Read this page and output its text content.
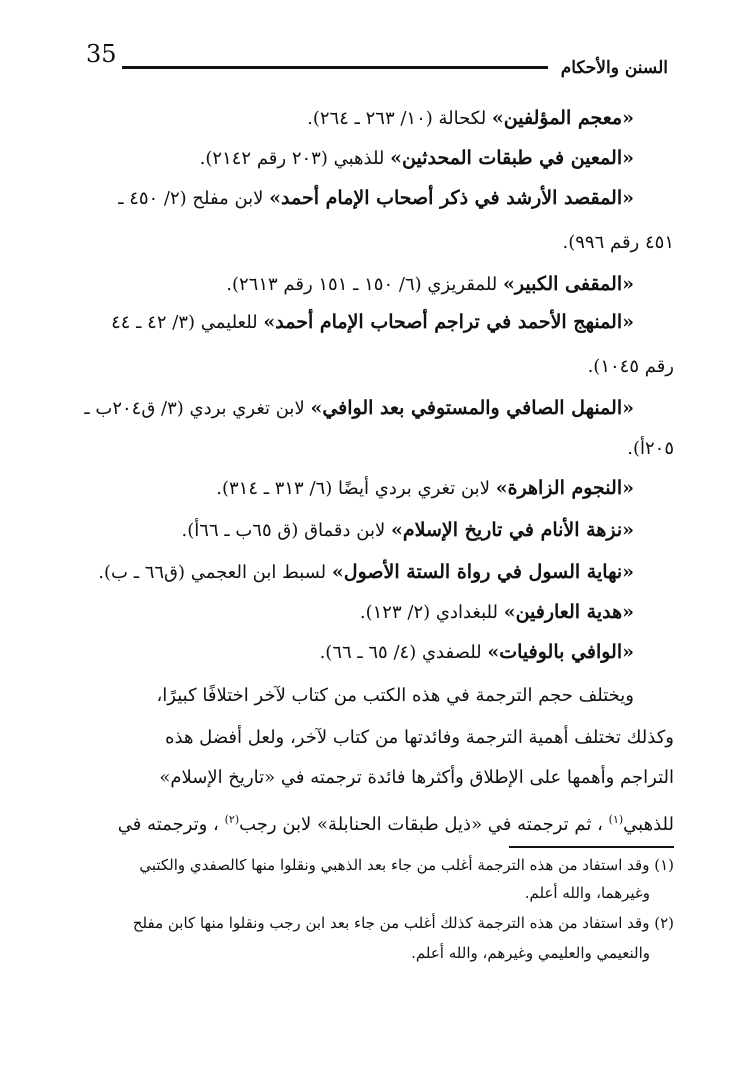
35	السنن والأحكام
«معجم المؤلفين» لكحالة (١٠/ ٢٦٣ ـ ٢٦٤).
«المعين في طبقات المحدثين» للذهبي (٢٠٣ رقم ٢١٤٢).
«المقصد الأرشد في ذكر أصحاب الإمام أحمد» لابن مفلح (٢/ ٤٥٠ ـ
٤٥١ رقم ٩٩٦).
«المقفى الكبير» للمقريزي (٦/ ١٥٠ ـ ١٥١ رقم ٢٦١٣).
«المنهج الأحمد في تراجم أصحاب الإمام أحمد» للعليمي (٣/ ٤٢ ـ ٤٤
رقم ١٠٤٥).
«المنهل الصافي والمستوفي بعد الوافي» لابن تغري بردي (٣/ ق٢٠٤ب ـ
٢٠٥أ).
«النجوم الزاهرة» لابن تغري بردي أيضًا (٦/ ٣١٣ ـ ٣١٤).
«نزهة الأنام في تاريخ الإسلام» لابن دقماق (ق ٦٥ب ـ ٦٦أ).
«نهاية السول في رواة الستة الأصول» لسبط ابن العجمي (ق٦٦ ـ ب).
«هدية العارفين» للبغدادي (٢/ ١٢٣).
«الوافي بالوفيات» للصفدي (٤/ ٦٥ ـ ٦٦).
ويختلف حجم الترجمة في هذه الكتب من كتاب لآخر اختلافًا كبيرًا،
وكذلك تختلف أهمية الترجمة وفائدتها من كتاب لآخر، ولعل أفضل هذه
التراجم وأهمها على الإطلاق وأكثرها فائدة ترجمته في «تاريخ الإسلام»
للذهبي$^{(١)}$ ، ثم ترجمته في «ذيل طبقات الحنابلة» لابن رجب$^{(٢)}$ ، وترجمته في
(١) وقد استفاد من هذه الترجمة أغلب من جاء بعد الذهبي ونقلوا منها كالصفدي والكتبي
وغيرهما، والله أعلم.
(٢) وقد استفاد من هذه الترجمة كذلك أغلب من جاء بعد ابن رجب ونقلوا منها كابن مفلح
والنعيمي والعليمي وغيرهم، والله أعلم.
